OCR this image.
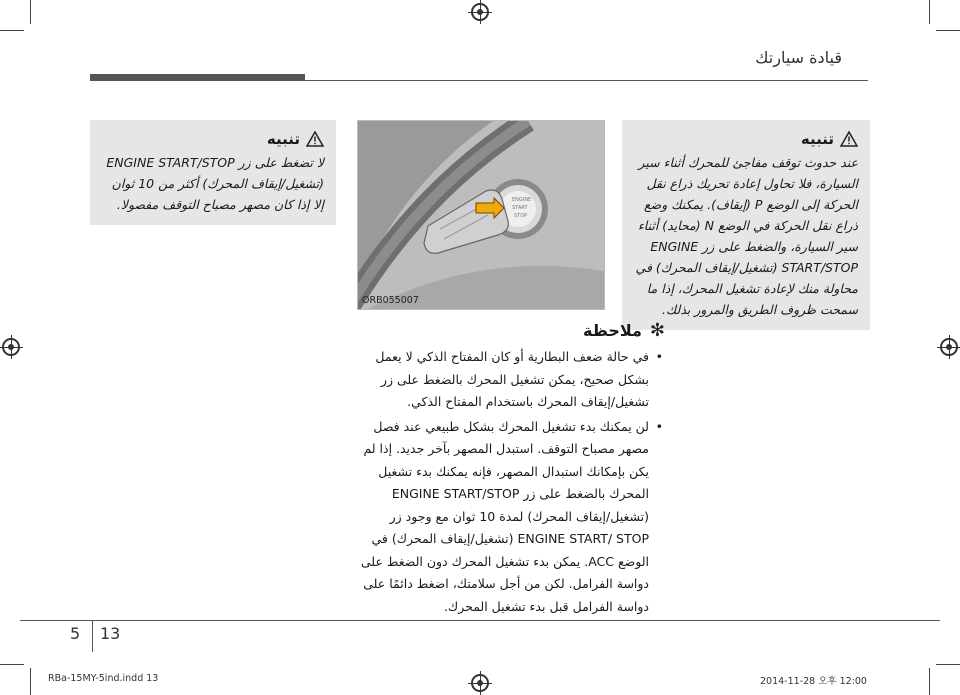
قيادة سيارتك
تنبيه

لا تضغط على زر ENGINE START/STOP (تشغيل/إيقاف المحرك) أكثر من 10 ثوان إلا إذا كان مصهر مصباح التوقف مفصولا.	ENGINE
START
STOP
ORB055007
تنبيه

عند حدوث توقف مفاجئ للمحرك أثناء سير السيارة، فلا تحاول إعادة تحريك ذراع نقل الحركة إلى الوضع P (إيقاف). يمكنك وضع ذراع نقل الحركة في الوضع N (محايد) أثناء سير السيارة، والضغط على زر ENGINE START/STOP (تشغيل/إيقاف المحرك) في محاولة منك لإعادة تشغيل المحرك، إذا ما سمحت ظروف الطريق والمرور بذلك.

✻
ملاحظة

• في حالة ضعف البطارية أو كان المفتاح الذكي لا يعمل بشكل صحيح، يمكن تشغيل المحرك بالضغط على زر تشغيل/إيقاف المحرك باستخدام المفتاح الذكي.

• لن يمكنك بدء تشغيل المحرك بشكل طبيعي عند فصل مصهر مصباح التوقف. استبدل المصهر بآخر جديد. إذا لم يكن بإمكانك استبدال المصهر، فإنه يمكنك بدء تشغيل المحرك بالضغط على زر ENGINE START/STOP (تشغيل/إيقاف المحرك) لمدة 10 ثوان مع وجود زر ENGINE START/ STOP (تشغيل/إيقاف المحرك) في الوضع ACC. يمكن بدء تشغيل المحرك دون الضغط على دواسة الفرامل. لكن من أجل سلامتك، اضغط دائمًا على دواسة الفرامل قبل بدء تشغيل المحرك.

5 13
RBa-15MY-5ind.indd 13	2014-11-28 오후 12:00
